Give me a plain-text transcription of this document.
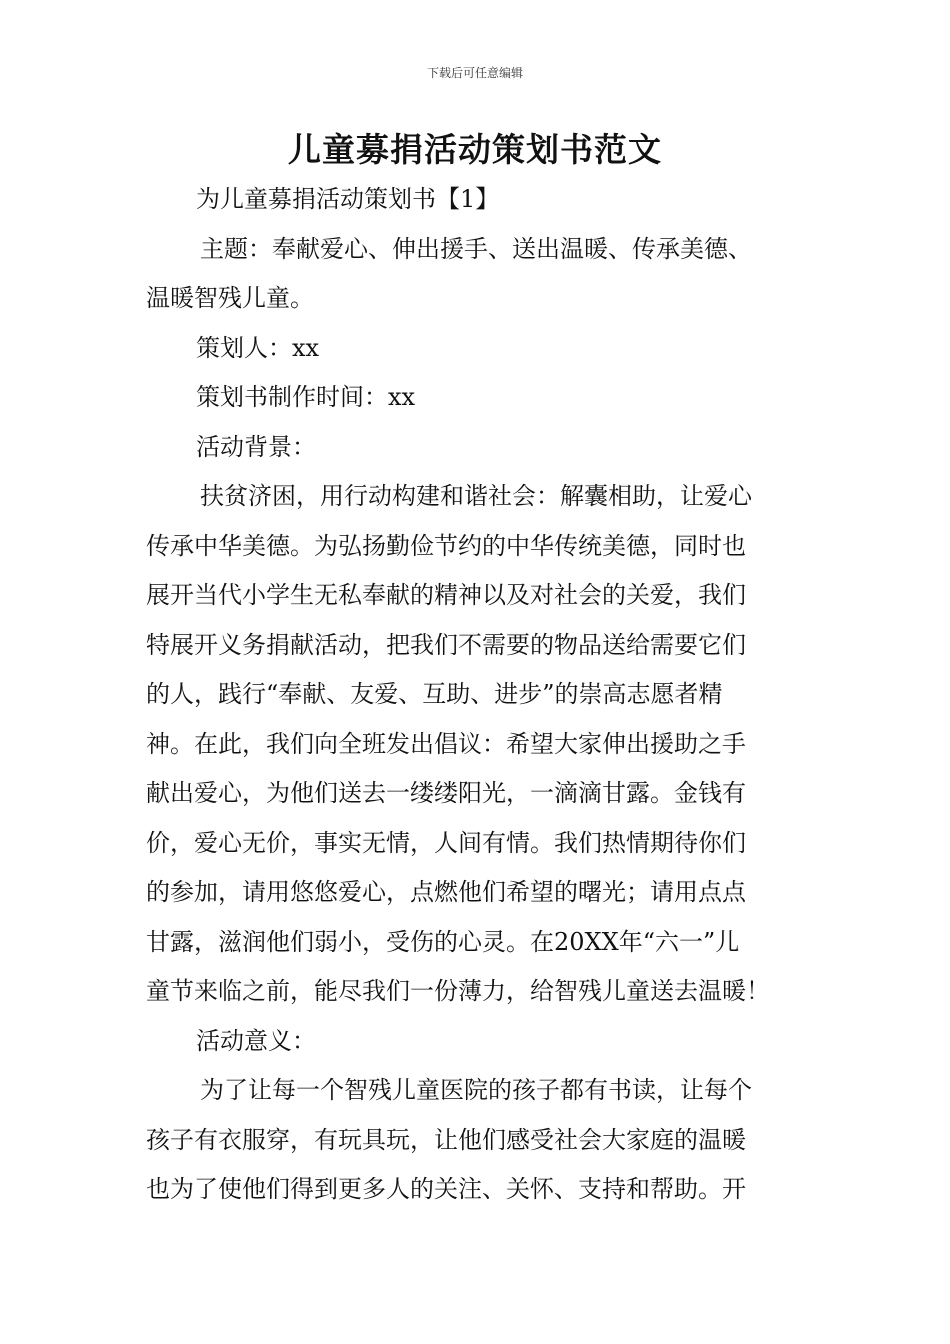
下载后可任意编辑
儿童募捐活动策划书范文
为儿童募捐活动策划书【1】
主题：奉献爱心、伸出援手、送出温暖、传承美德、
温暖智残儿童。
策划人：xx
策划书制作时间：xx
活动背景：
扶贫济困，用行动构建和谐社会：解囊相助，让爱心
传承中华美德。为弘扬勤俭节约的中华传统美德，同时也
展开当代小学生无私奉献的精神以及对社会的关爱，我们
特展开义务捐献活动，把我们不需要的物品送给需要它们
的人，践行“奉献、友爱、互助、进步”的崇高志愿者精
神。在此，我们向全班发出倡议：希望大家伸出援助之手
献出爱心，为他们送去一缕缕阳光，一滴滴甘露。金钱有
价，爱心无价，事实无情，人间有情。我们热情期待你们
的参加，请用悠悠爱心，点燃他们希望的曙光；请用点点
甘露，滋润他们弱小，受伤的心灵。在20XX年“六一”儿
童节来临之前，能尽我们一份薄力，给智残儿童送去温暖！
活动意义：
为了让每一个智残儿童医院的孩子都有书读，让每个
孩子有衣服穿，有玩具玩，让他们感受社会大家庭的温暖
也为了使他们得到更多人的关注、关怀、支持和帮助。开
